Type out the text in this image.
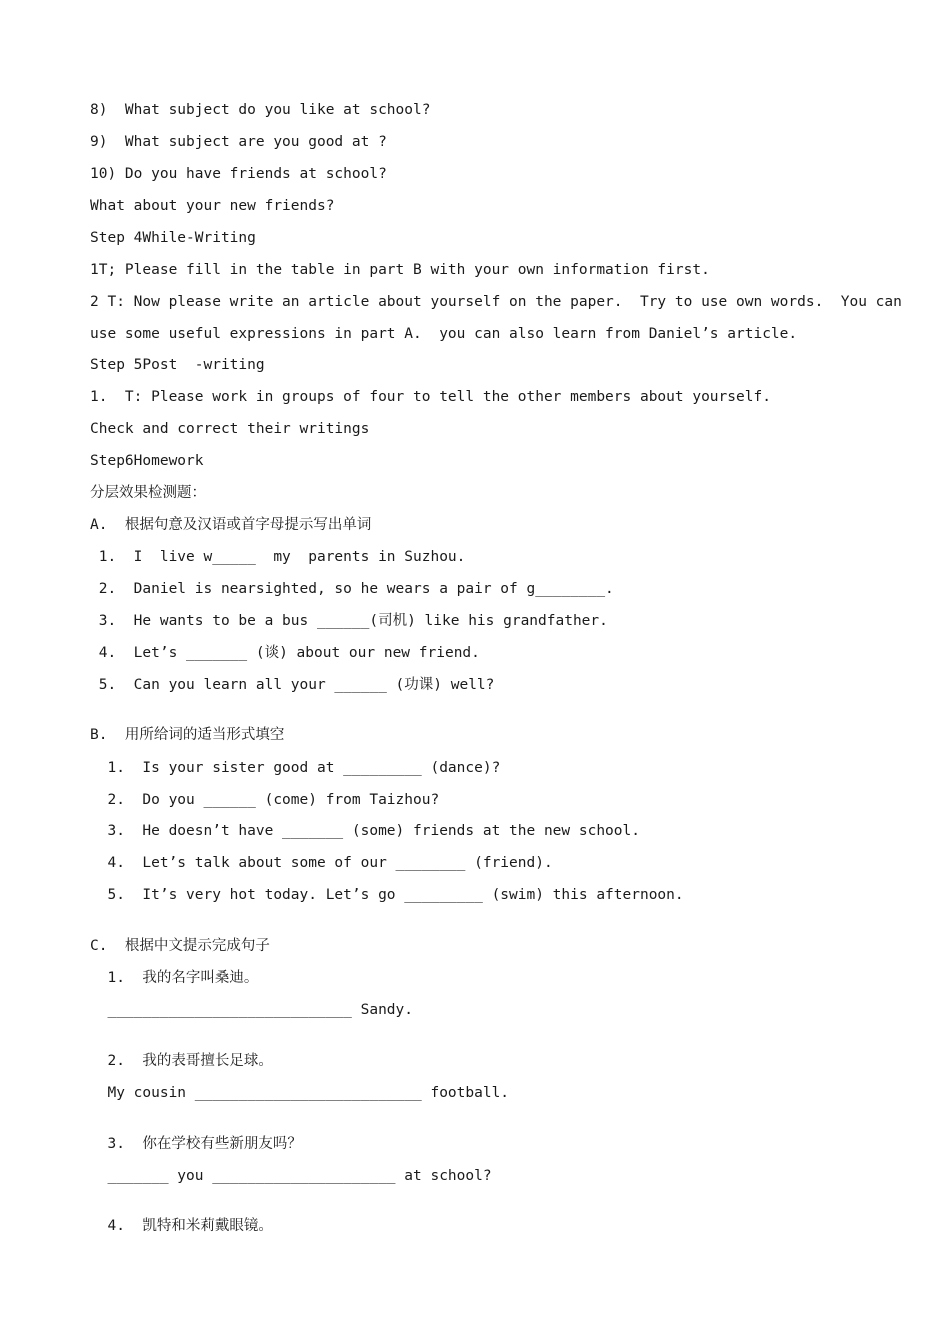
8)  What subject do you like at school?
9)  What subject are you good at ?
10) Do you have friends at school?
What about your new friends?
Step 4While-Writing
1T; Please fill in the table in part B with your own information first.
2 T: Now please write an article about yourself on the paper.  Try to use own words.  You can
use some useful expressions in part A.  you can also learn from Daniel’s article.
Step 5Post  -writing
1.  T: Please work in groups of four to tell the other members about yourself.
Check and correct their writings
Step6Homework
分层效果检测题：
A.  根据句意及汉语或首字母提示写出单词
1.  I  live w_____  my  parents in Suzhou.
2.  Daniel is nearsighted, so he wears a pair of g________.
3.  He wants to be a bus ______(司机) like his grandfather.
4.  Let’s _______ (谈) about our new friend.
5.  Can you learn all your ______ (功课) well?
B.  用所给词的适当形式填空
1.  Is your sister good at _________ (dance)?
2.  Do you ______ (come) from Taizhou?
3.  He doesn’t have _______ (some) friends at the new school.
4.  Let’s talk about some of our ________ (friend).
5.  It’s very hot today. Let’s go _________ (swim) this afternoon.
C.  根据中文提示完成句子
1.  我的名字叫桑迪。
____________________________ Sandy.
2.  我的表哥擅长足球。
My cousin __________________________ football.
3.  你在学校有些新朋友吗？
_______ you _____________________ at school?
4.  凯特和米莉戴眼镜。
